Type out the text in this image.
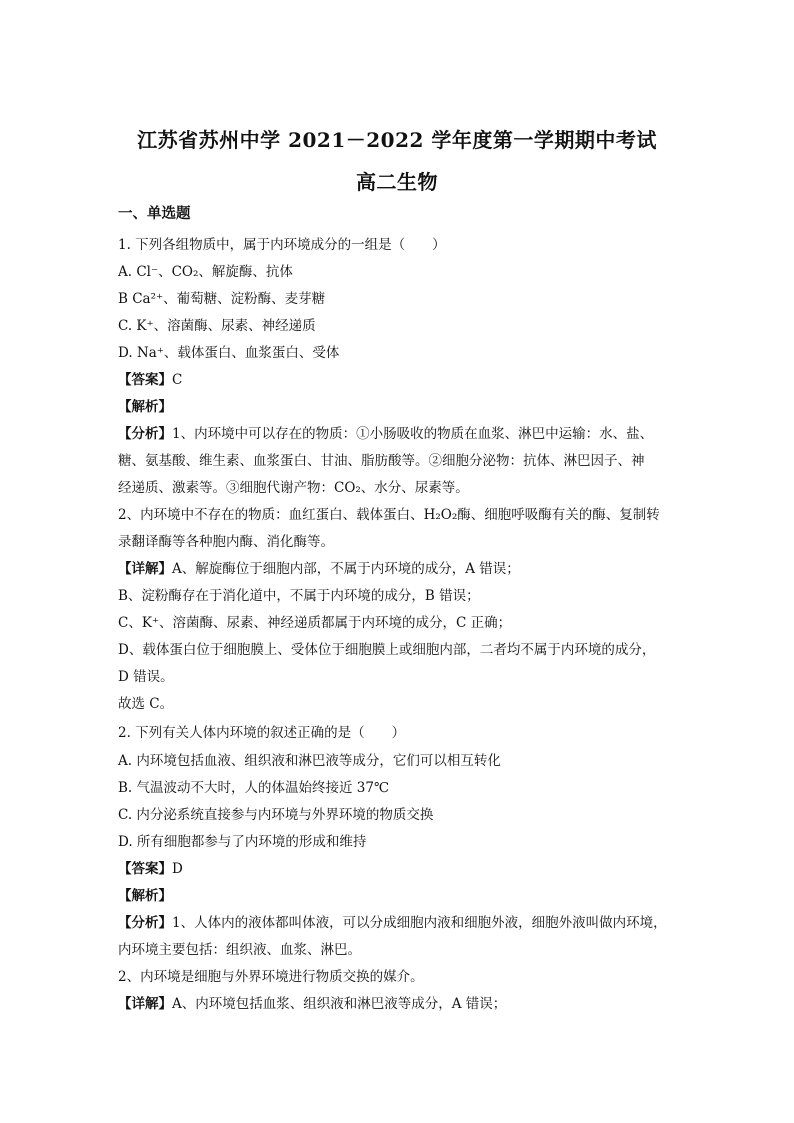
江苏省苏州中学 2021－2022 学年度第一学期期中考试
高二生物
一、单选题
1. 下列各组物质中，属于内环境成分的一组是（　　）
A. Cl⁻、CO₂、解旋酶、抗体
B Ca²⁺、葡萄糖、淀粉酶、麦芽糖
C. K⁺、溶菌酶、尿素、神经递质
D. Na⁺、载体蛋白、血浆蛋白、受体
【答案】C
【解析】
【分析】1、内环境中可以存在的物质：①小肠吸收的物质在血浆、淋巴中运输：水、盐、
糖、氨基酸、维生素、血浆蛋白、甘油、脂肪酸等。②细胞分泌物：抗体、淋巴因子、神
经递质、激素等。③细胞代谢产物：CO₂、水分、尿素等。
2、内环境中不存在的物质：血红蛋白、载体蛋白、H₂O₂酶、细胞呼吸酶有关的酶、复制转
录翻译酶等各种胞内酶、消化酶等。
【详解】A、解旋酶位于细胞内部，不属于内环境的成分，A 错误；
B、淀粉酶存在于消化道中，不属于内环境的成分，B 错误；
C、K⁺、溶菌酶、尿素、神经递质都属于内环境的成分，C 正确；
D、载体蛋白位于细胞膜上、受体位于细胞膜上或细胞内部，二者均不属于内环境的成分，
D 错误。
故选 C。
2. 下列有关人体内环境的叙述正确的是（　　）
A. 内环境包括血液、组织液和淋巴液等成分，它们可以相互转化
B. 气温波动不大时，人的体温始终接近 37℃
C. 内分泌系统直接参与内环境与外界环境的物质交换
D. 所有细胞都参与了内环境的形成和维持
【答案】D
【解析】
【分析】1、人体内的液体都叫体液，可以分成细胞内液和细胞外液，细胞外液叫做内环境，
内环境主要包括：组织液、血浆、淋巴。
2、内环境是细胞与外界环境进行物质交换的媒介。
【详解】A、内环境包括血浆、组织液和淋巴液等成分，A 错误；
